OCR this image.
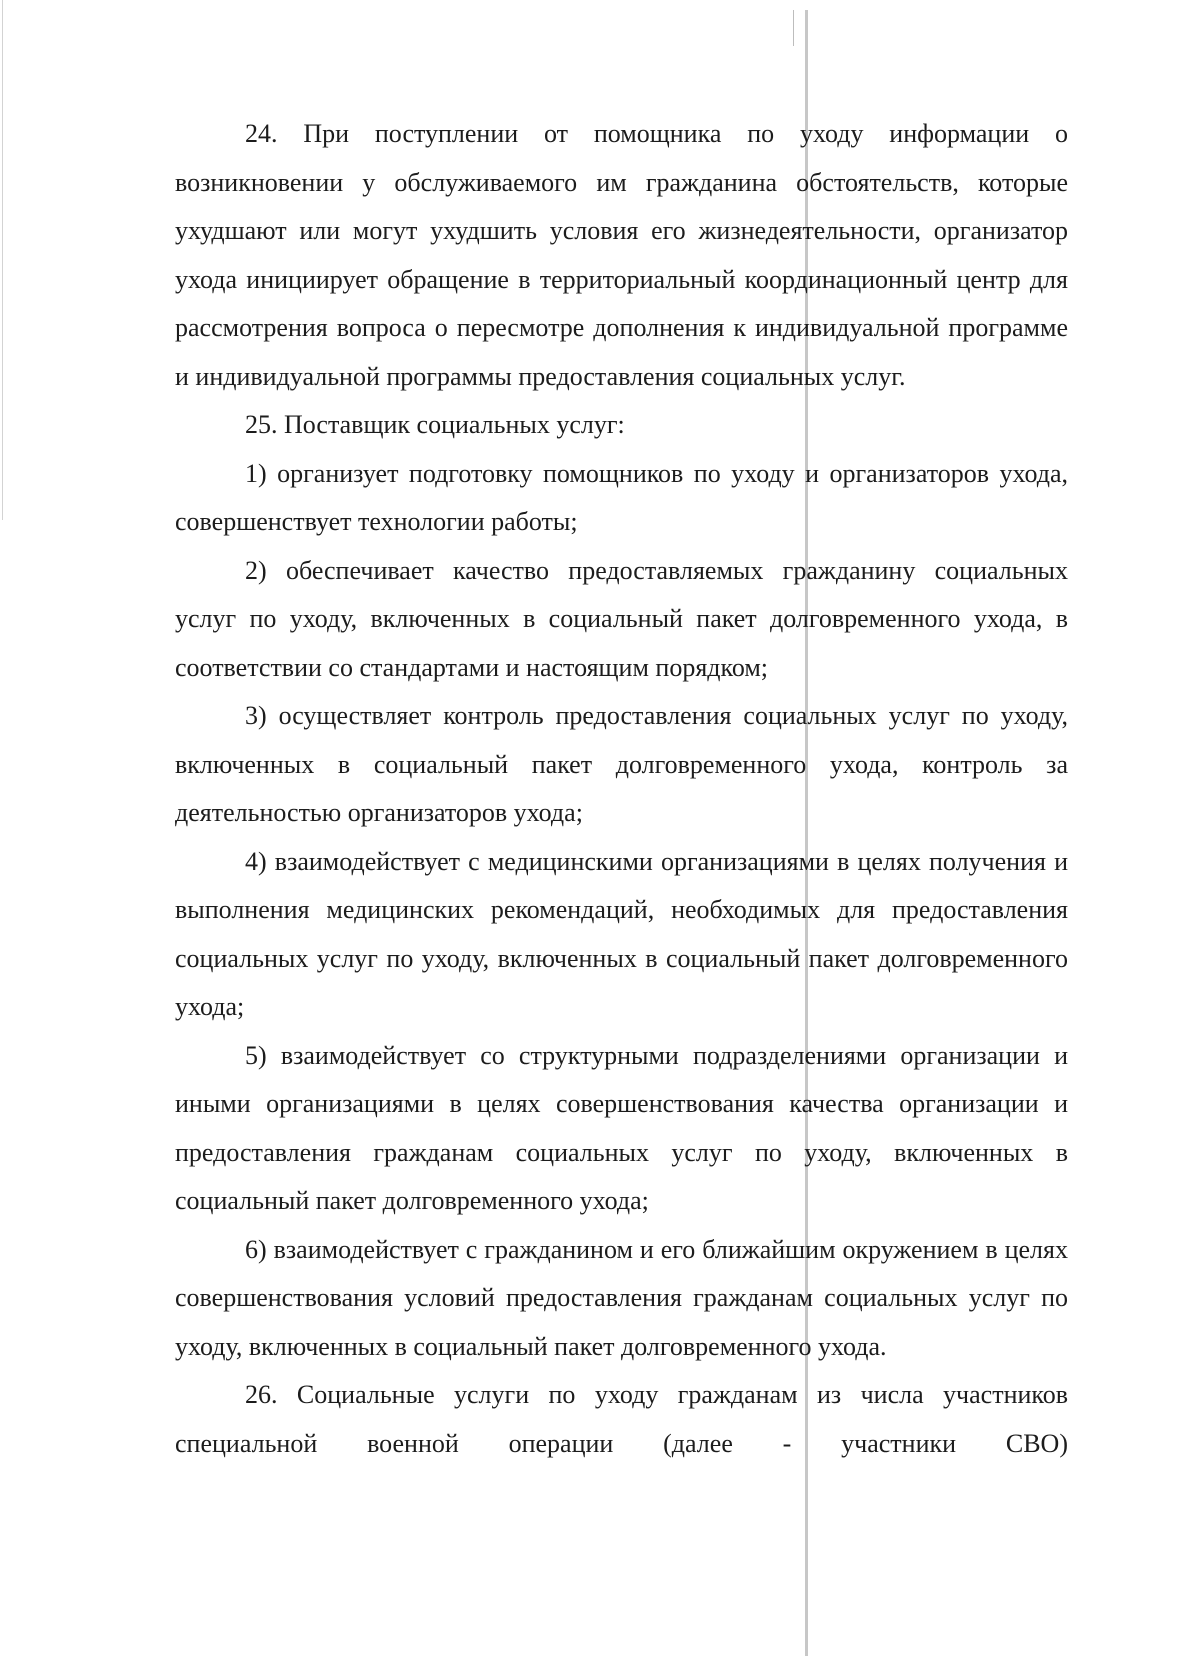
24. При поступлении от помощника по уходу информации о возникновении у обслуживаемого им гражданина обстоятельств, которые ухудшают или могут ухудшить условия его жизнедеятельности, организатор ухода инициирует обращение в территориальный координационный центр для рассмотрения вопроса о пересмотре дополнения к индивидуальной программе и индивидуальной программы предоставления социальных услуг.

25. Поставщик социальных услуг:

1) организует подготовку помощников по уходу и организаторов ухода, совершенствует технологии работы;

2) обеспечивает качество предоставляемых гражданину социальных услуг по уходу, включенных в социальный пакет долговременного ухода, в соответствии со стандартами и настоящим порядком;

3) осуществляет контроль предоставления социальных услуг по уходу, включенных в социальный пакет долговременного ухода, контроль за деятельностью организаторов ухода;

4) взаимодействует с медицинскими организациями в целях получения и выполнения медицинских рекомендаций, необходимых для предоставления социальных услуг по уходу, включенных в социальный пакет долговременного ухода;

5) взаимодействует со структурными подразделениями организации и иными организациями в целях совершенствования качества организации и предоставления гражданам социальных услуг по уходу, включенных в социальный пакет долговременного ухода;

6) взаимодействует с гражданином и его ближайшим окружением в целях совершенствования условий предоставления гражданам социальных услуг по уходу, включенных в социальный пакет долговременного ухода.

26. Социальные услуги по уходу гражданам из числа участников специальной военной операции (далее - участники СВО)
